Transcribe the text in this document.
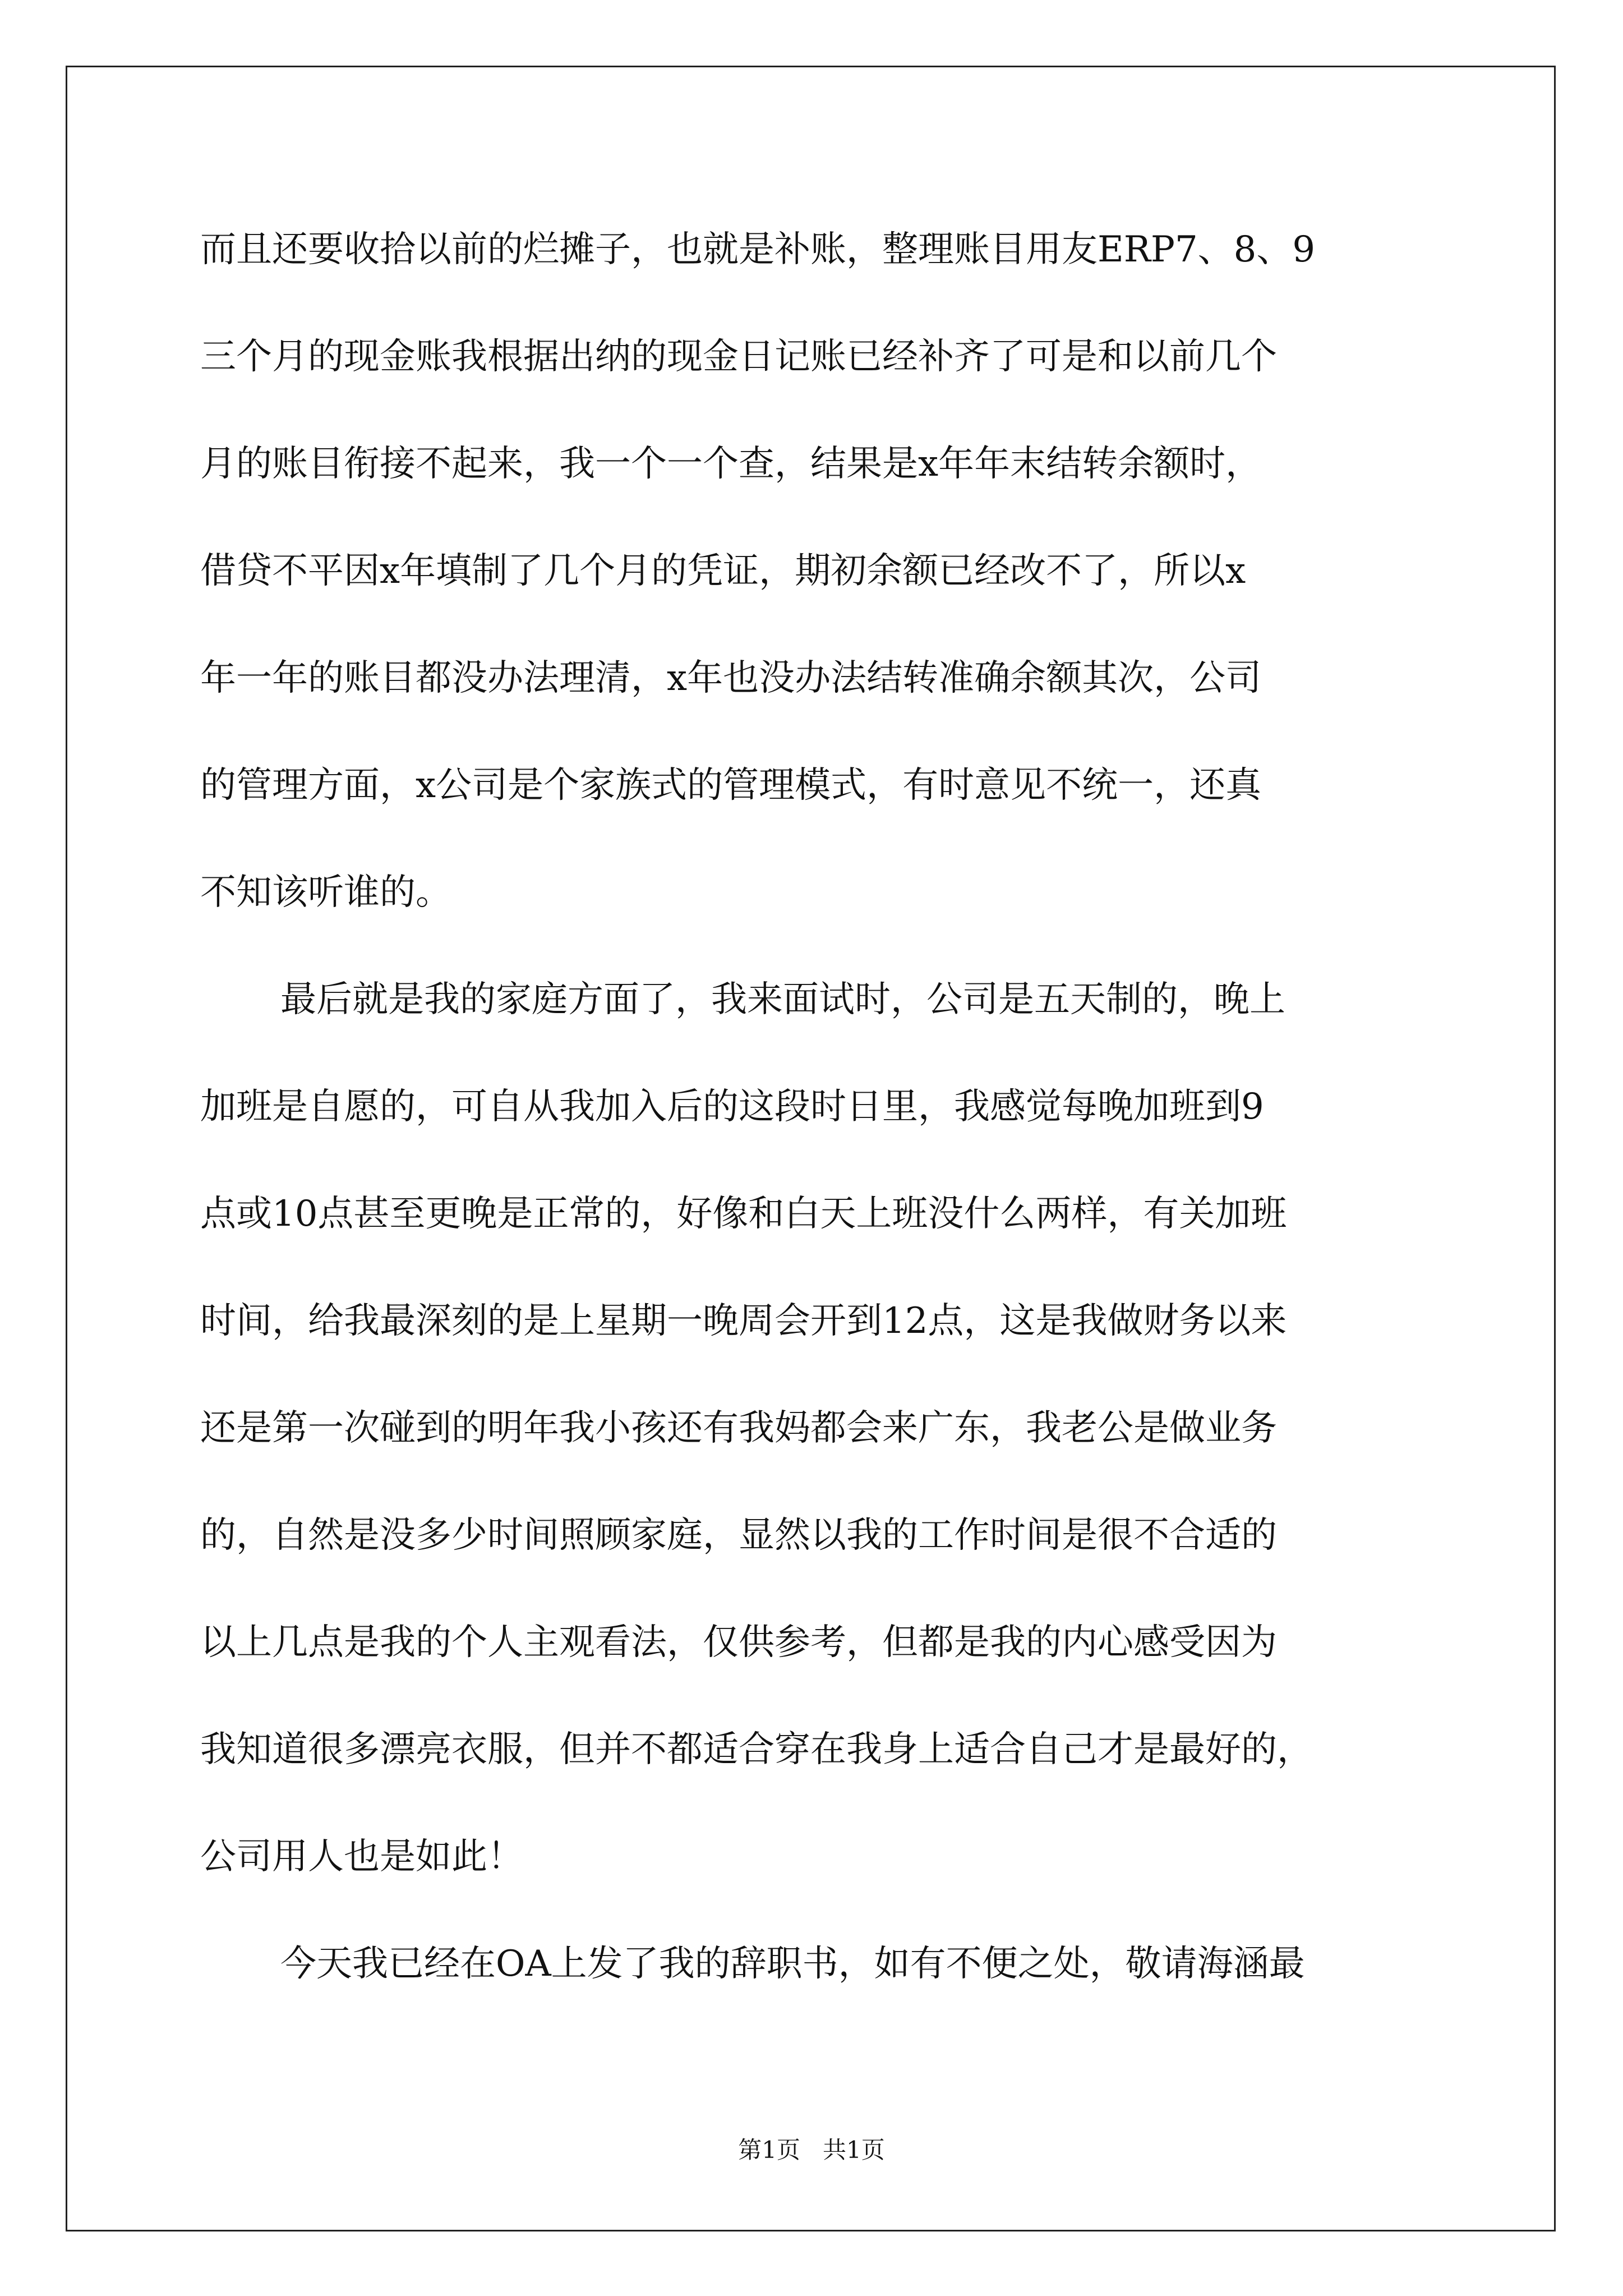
而且还要收拾以前的烂摊子，也就是补账，整理账目用友ERP7、8、9
三个月的现金账我根据出纳的现金日记账已经补齐了可是和以前几个
月的账目衔接不起来，我一个一个查，结果是x年年末结转余额时，
借贷不平因x年填制了几个月的凭证，期初余额已经改不了，所以x
年一年的账目都没办法理清，x年也没办法结转准确余额其次，公司
的管理方面，x公司是个家族式的管理模式，有时意见不统一，还真
不知该听谁的。
最后就是我的家庭方面了，我来面试时，公司是五天制的，晚上
加班是自愿的，可自从我加入后的这段时日里，我感觉每晚加班到9
点或10点甚至更晚是正常的，好像和白天上班没什么两样，有关加班
时间，给我最深刻的是上星期一晚周会开到12点，这是我做财务以来
还是第一次碰到的明年我小孩还有我妈都会来广东，我老公是做业务
的，自然是没多少时间照顾家庭，显然以我的工作时间是很不合适的
以上几点是我的个人主观看法，仅供参考，但都是我的内心感受因为
我知道很多漂亮衣服，但并不都适合穿在我身上适合自己才是最好的，
公司用人也是如此！
今天我已经在OA上发了我的辞职书，如有不便之处，敬请海涵最
第1页   共1页
